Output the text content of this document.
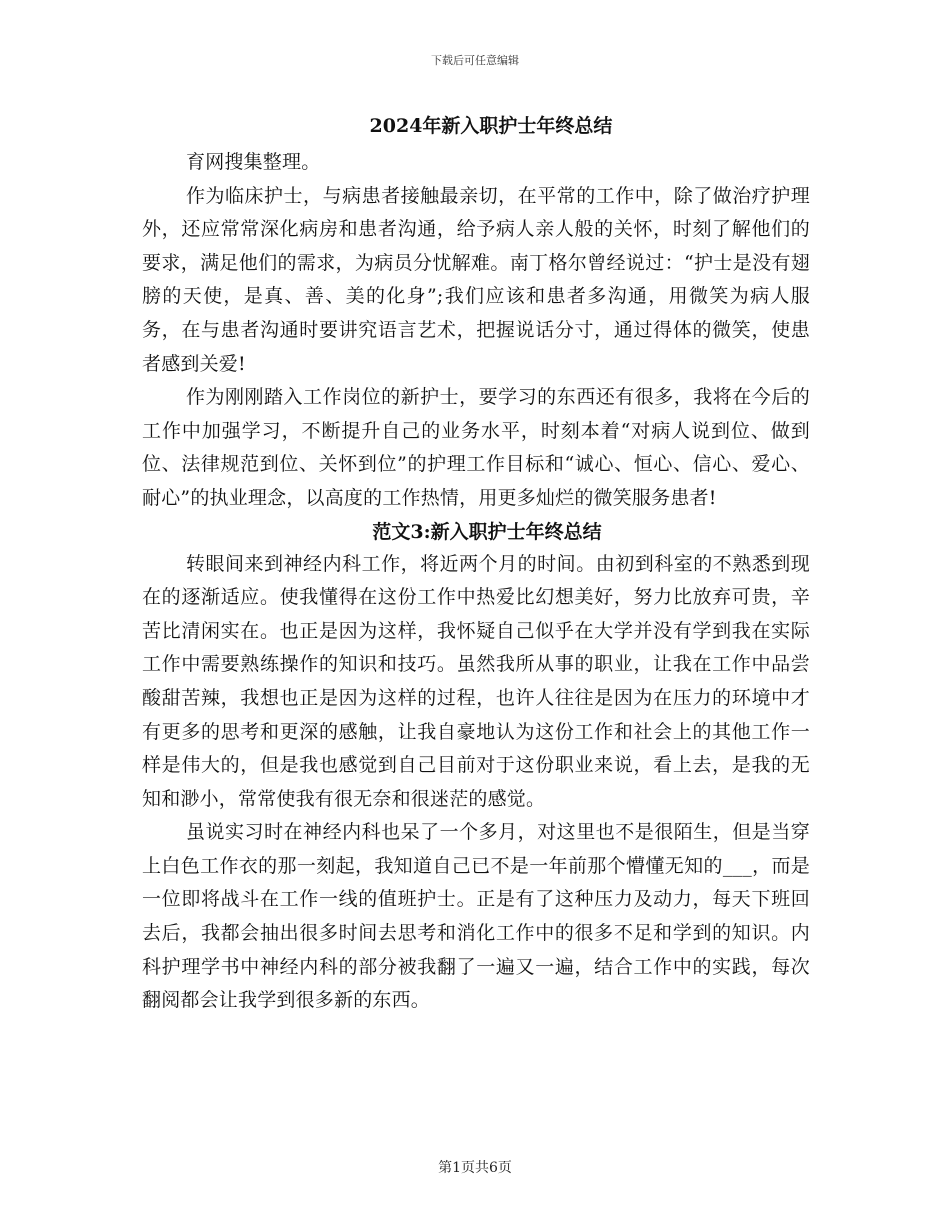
下载后可任意编辑
2024年新入职护士年终总结

育网搜集整理。

作为临床护士，与病患者接触最亲切，在平常的工作中，除了做治疗护理外，还应常常深化病房和患者沟通，给予病人亲人般的关怀，时刻了解他们的要求，满足他们的需求，为病员分忧解难。南丁格尔曾经说过：“护士是没有翅膀的天使，是真、善、美的化身”;我们应该和患者多沟通，用微笑为病人服务，在与患者沟通时要讲究语言艺术，把握说话分寸，通过得体的微笑，使患者感到关爱!

作为刚刚踏入工作岗位的新护士，要学习的东西还有很多，我将在今后的工作中加强学习，不断提升自己的业务水平，时刻本着“对病人说到位、做到位、法律规范到位、关怀到位”的护理工作目标和“诚心、恒心、信心、爱心、耐心”的执业理念，以高度的工作热情，用更多灿烂的微笑服务患者!

范文3:新入职护士年终总结

转眼间来到神经内科工作，将近两个月的时间。由初到科室的不熟悉到现在的逐渐适应。使我懂得在这份工作中热爱比幻想美好，努力比放弃可贵，辛苦比清闲实在。也正是因为这样，我怀疑自己似乎在大学并没有学到我在实际工作中需要熟练操作的知识和技巧。虽然我所从事的职业，让我在工作中品尝酸甜苦辣，我想也正是因为这样的过程，也许人往往是因为在压力的环境中才有更多的思考和更深的感触，让我自豪地认为这份工作和社会上的其他工作一样是伟大的，但是我也感觉到自己目前对于这份职业来说，看上去，是我的无知和渺小，常常使我有很无奈和很迷茫的感觉。

虽说实习时在神经内科也呆了一个多月，对这里也不是很陌生，但是当穿上白色工作衣的那一刻起，我知道自己已不是一年前那个懵懂无知的___，而是一位即将战斗在工作一线的值班护士。正是有了这种压力及动力，每天下班回去后，我都会抽出很多时间去思考和消化工作中的很多不足和学到的知识。内科护理学书中神经内科的部分被我翻了一遍又一遍，结合工作中的实践，每次翻阅都会让我学到很多新的东西。

第1页共6页
